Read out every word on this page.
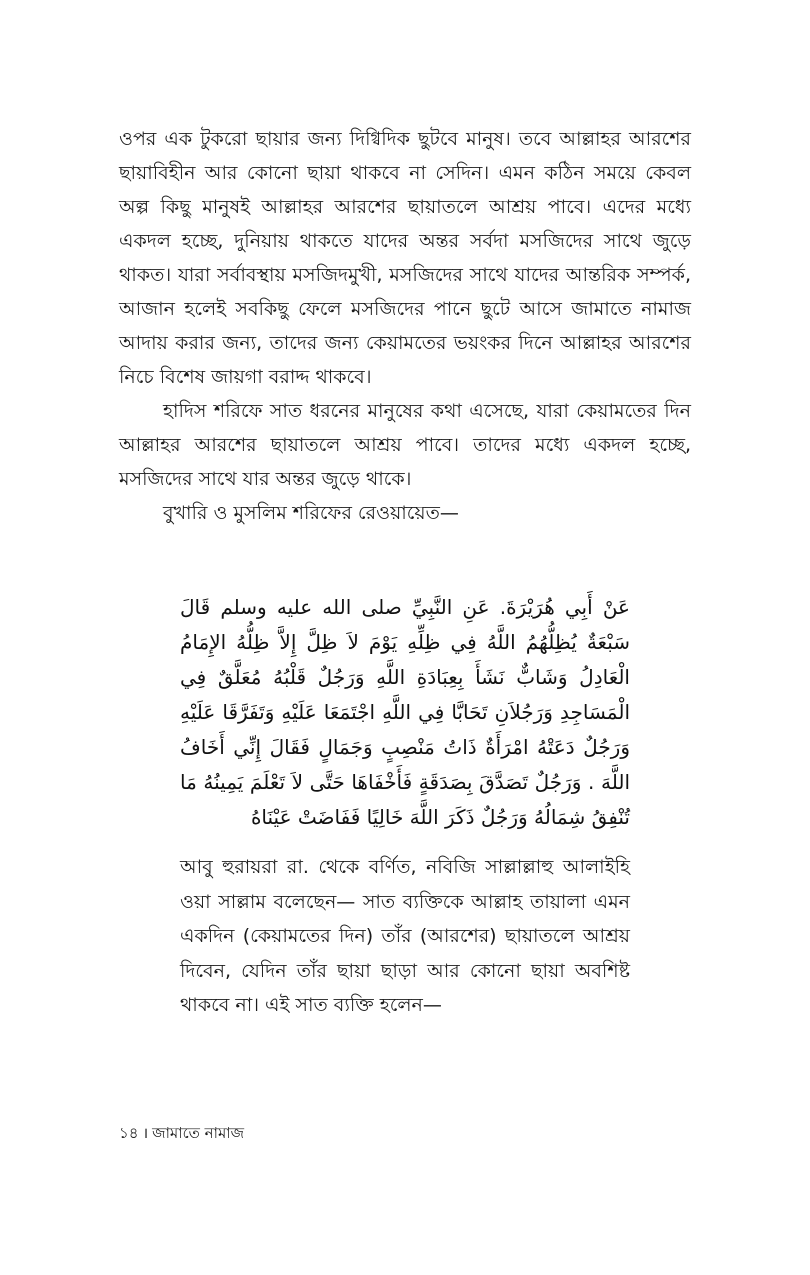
ওপর এক টুকরো ছায়ার জন্য দিগ্বিদিক ছুটবে মানুষ। তবে আল্লাহর আরশের ছায়াবিহীন আর কোনো ছায়া থাকবে না সেদিন। এমন কঠিন সময়ে কেবল অল্প কিছু মানুষই আল্লাহর আরশের ছায়াতলে আশ্রয় পাবে। এদের মধ্যে একদল হচ্ছে, দুনিয়ায় থাকতে যাদের অন্তর সর্বদা মসজিদের সাথে জুড়ে থাকত। যারা সর্বাবস্থায় মসজিদমুখী, মসজিদের সাথে যাদের আন্তরিক সম্পর্ক, আজান হলেই সবকিছু ফেলে মসজিদের পানে ছুটে আসে জামাতে নামাজ আদায় করার জন্য, তাদের জন্য কেয়ামতের ভয়ংকর দিনে আল্লাহর আরশের নিচে বিশেষ জায়গা বরাদ্দ থাকবে।

হাদিস শরিফে সাত ধরনের মানুষের কথা এসেছে, যারা কেয়ামতের দিন আল্লাহর আরশের ছায়াতলে আশ্রয় পাবে। তাদের মধ্যে একদল হচ্ছে, মসজিদের সাথে যার অন্তর জুড়ে থাকে।

বুখারি ও মুসলিম শরিফের রেওয়ায়েত—

عَنْ أَبِي هُرَيْرَةَ. عَنِ النَّبِيِّ صلى الله عليه وسلم قَالَ سَبْعَةٌ يُظِلُّهُمُ اللَّهُ فِي ظِلِّهِ يَوْمَ لاَ ظِلَّ إِلاَّ ظِلُّهُ الإِمَامُ الْعَادِلُ وَشَابٌّ نَشَأَ بِعِبَادَةِ اللَّهِ وَرَجُلٌ قَلْبُهُ مُعَلَّقٌ فِي الْمَسَاجِدِ وَرَجُلاَنِ تَحَابَّا فِي اللَّهِ اجْتَمَعَا عَلَيْهِ وَتَفَرَّقَا عَلَيْهِ وَرَجُلٌ دَعَتْهُ امْرَأَةٌ ذَاتُ مَنْصِبٍ وَجَمَالٍ فَقَالَ إِنِّي أَخَافُ اللَّهَ . وَرَجُلٌ تَصَدَّقَ بِصَدَقَةٍ فَأَخْفَاهَا حَتَّى لاَ تَعْلَمَ يَمِينُهُ مَا تُنْفِقُ شِمَالُهُ وَرَجُلٌ ذَكَرَ اللَّهَ خَالِيًا فَفَاضَتْ عَيْنَاهُ
আবু হুরায়রা রা. থেকে বর্ণিত, নবিজি সাল্লাল্লাহু আলাইহি ওয়া সাল্লাম বলেছেন— সাত ব্যক্তিকে আল্লাহ তায়ালা এমন একদিন (কেয়ামতের দিন) তাঁর (আরশের) ছায়াতলে আশ্রয় দিবেন, যেদিন তাঁর ছায়া ছাড়া আর কোনো ছায়া অবশিষ্ট থাকবে না। এই সাত ব্যক্তি হলেন—
১৪ । জামাতে নামাজ
